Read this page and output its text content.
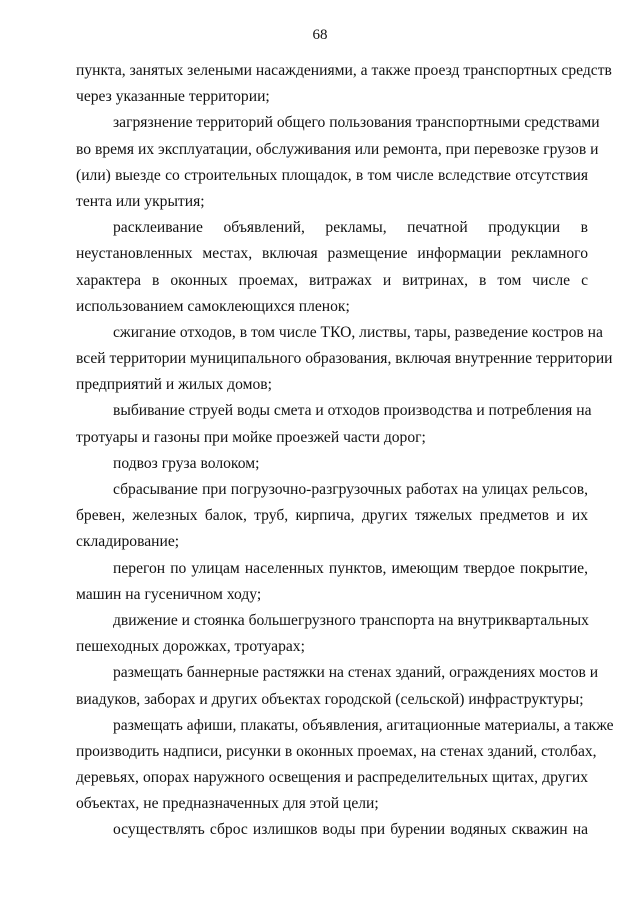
68
пункта, занятых зелеными насаждениями, а также проезд транспортных средств
через указанные территории;
загрязнение территорий общего пользования транспортными средствами
во время их эксплуатации, обслуживания или ремонта, при перевозке грузов и
(или) выезде со строительных площадок, в том числе вследствие отсутствия
тента или укрытия;
расклеивание объявлений, рекламы, печатной продукции в
неустановленных местах, включая размещение информации рекламного
характера в оконных проемах, витражах и витринах, в том числе с
использованием самоклеющихся пленок;
сжигание отходов, в том числе ТКО, листвы, тары, разведение костров на
всей территории муниципального образования, включая внутренние территории
предприятий и жилых домов;
выбивание струей воды смета и отходов производства и потребления на
тротуары и газоны при мойке проезжей части дорог;
подвоз груза волоком;
сбрасывание при погрузочно-разгрузочных работах на улицах рельсов,
бревен, железных балок, труб, кирпича, других тяжелых предметов и их
складирование;
перегон по улицам населенных пунктов, имеющим твердое покрытие,
машин на гусеничном ходу;
движение и стоянка большегрузного транспорта на внутриквартальных
пешеходных дорожках, тротуарах;
размещать баннерные растяжки на стенах зданий, ограждениях мостов и
виадуков, заборах и других объектах городской (сельской) инфраструктуры;
размещать афиши, плакаты, объявления, агитационные материалы, а также
производить надписи, рисунки в оконных проемах, на стенах зданий, столбах,
деревьях, опорах наружного освещения и распределительных щитах, других
объектах, не предназначенных для этой цели;
осуществлять сброс излишков воды при бурении водяных скважин на
